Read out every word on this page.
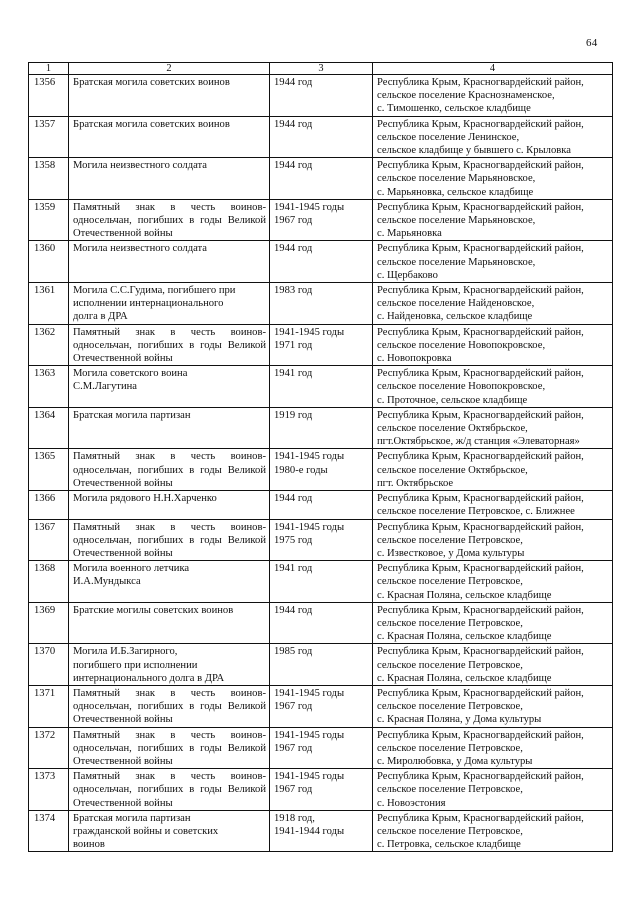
64
1	2	3	4
1356	Братская могила советских воинов	1944 год	Республика Крым, Красногвардейский район,
сельское поселение Краснознаменское,
с. Тимошенко, сельское кладбище

1357	Братская могила советских воинов	1944 год	Республика Крым, Красногвардейский район,
сельское поселение Ленинское,
сельское кладбище у бывшего с. Крыловка

1358	Могила неизвестного солдата	1944 год	Республика Крым, Красногвардейский район,
сельское поселение Марьяновское,
с. Марьяновка, сельское кладбище

1359	Памятный знак в честь воинов-односельчан, погибших в годы Великой Отечественной войны	1941-1945 годы
1967 год	Республика Крым, Красногвардейский район,
сельское поселение Марьяновское,
с. Марьяновка

1360	Могила неизвестного солдата	1944 год	Республика Крым, Красногвардейский район,
сельское поселение Марьяновское,
с. Щербаково

1361	Могила С.С.Гудима, погибшего при
исполнении интернационального
долга в ДРА	1983 год	Республика Крым, Красногвардейский район,
сельское поселение Найденовское,
с. Найденовка, сельское кладбище

1362	Памятный знак в честь воинов-односельчан, погибших в годы Великой Отечественной войны	1941-1945 годы
1971 год	Республика Крым, Красногвардейский район,
сельское поселение Новопокровское,
с. Новопокровка

1363	Могила советского воина
С.М.Лагутина	1941 год	Республика Крым, Красногвардейский район,
сельское поселение Новопокровское,
с. Проточное, сельское кладбище

1364	Братская могила партизан	1919 год	Республика Крым, Красногвардейский район,
сельское поселение Октябрьское,
пгт.Октябрьское, ж/д станция «Элеваторная»

1365	Памятный знак в честь воинов-односельчан, погибших в годы Великой Отечественной войны	1941-1945 годы
1980-е годы	Республика Крым, Красногвардейский район,
сельское поселение Октябрьское,
пгт. Октябрьское

1366	Могила рядового Н.Н.Харченко	1944 год	Республика Крым, Красногвардейский район,
сельское поселение Петровское, с. Ближнее

1367	Памятный знак в честь воинов-односельчан, погибших в годы Великой Отечественной войны	1941-1945 годы
1975 год	Республика Крым, Красногвардейский район,
сельское поселение Петровское,
с. Известковое, у Дома культуры

1368	Могила военного летчика
И.А.Мундыкса	1941 год	Республика Крым, Красногвардейский район,
сельское поселение Петровское,
с. Красная Поляна, сельское кладбище

1369	Братские могилы советских воинов	1944 год	Республика Крым, Красногвардейский район,
сельское поселение Петровское,
с. Красная Поляна, сельское кладбище

1370	Могила И.Б.Загирного,
погибшего при исполнении
интернационального долга в ДРА	1985 год	Республика Крым, Красногвардейский район,
сельское поселение Петровское,
с. Красная Поляна, сельское кладбище

1371	Памятный знак в честь воинов-односельчан, погибших в годы Великой Отечественной войны	1941-1945 годы
1967 год	Республика Крым, Красногвардейский район,
сельское поселение Петровское,
с. Красная Поляна, у Дома культуры

1372	Памятный знак в честь воинов-односельчан, погибших в годы Великой Отечественной войны	1941-1945 годы
1967 год	Республика Крым, Красногвардейский район,
сельское поселение Петровское,
с. Миролюбовка, у Дома культуры

1373	Памятный знак в честь воинов-односельчан, погибших в годы Великой Отечественной войны	1941-1945 годы
1967 год	Республика Крым, Красногвардейский район,
сельское поселение Петровское,
с. Новоэстония

1374	Братская могила партизан
гражданской войны и советских
воинов	1918 год,
1941-1944 годы	Республика Крым, Красногвардейский район,
сельское поселение Петровское,
с. Петровка, сельское кладбище
